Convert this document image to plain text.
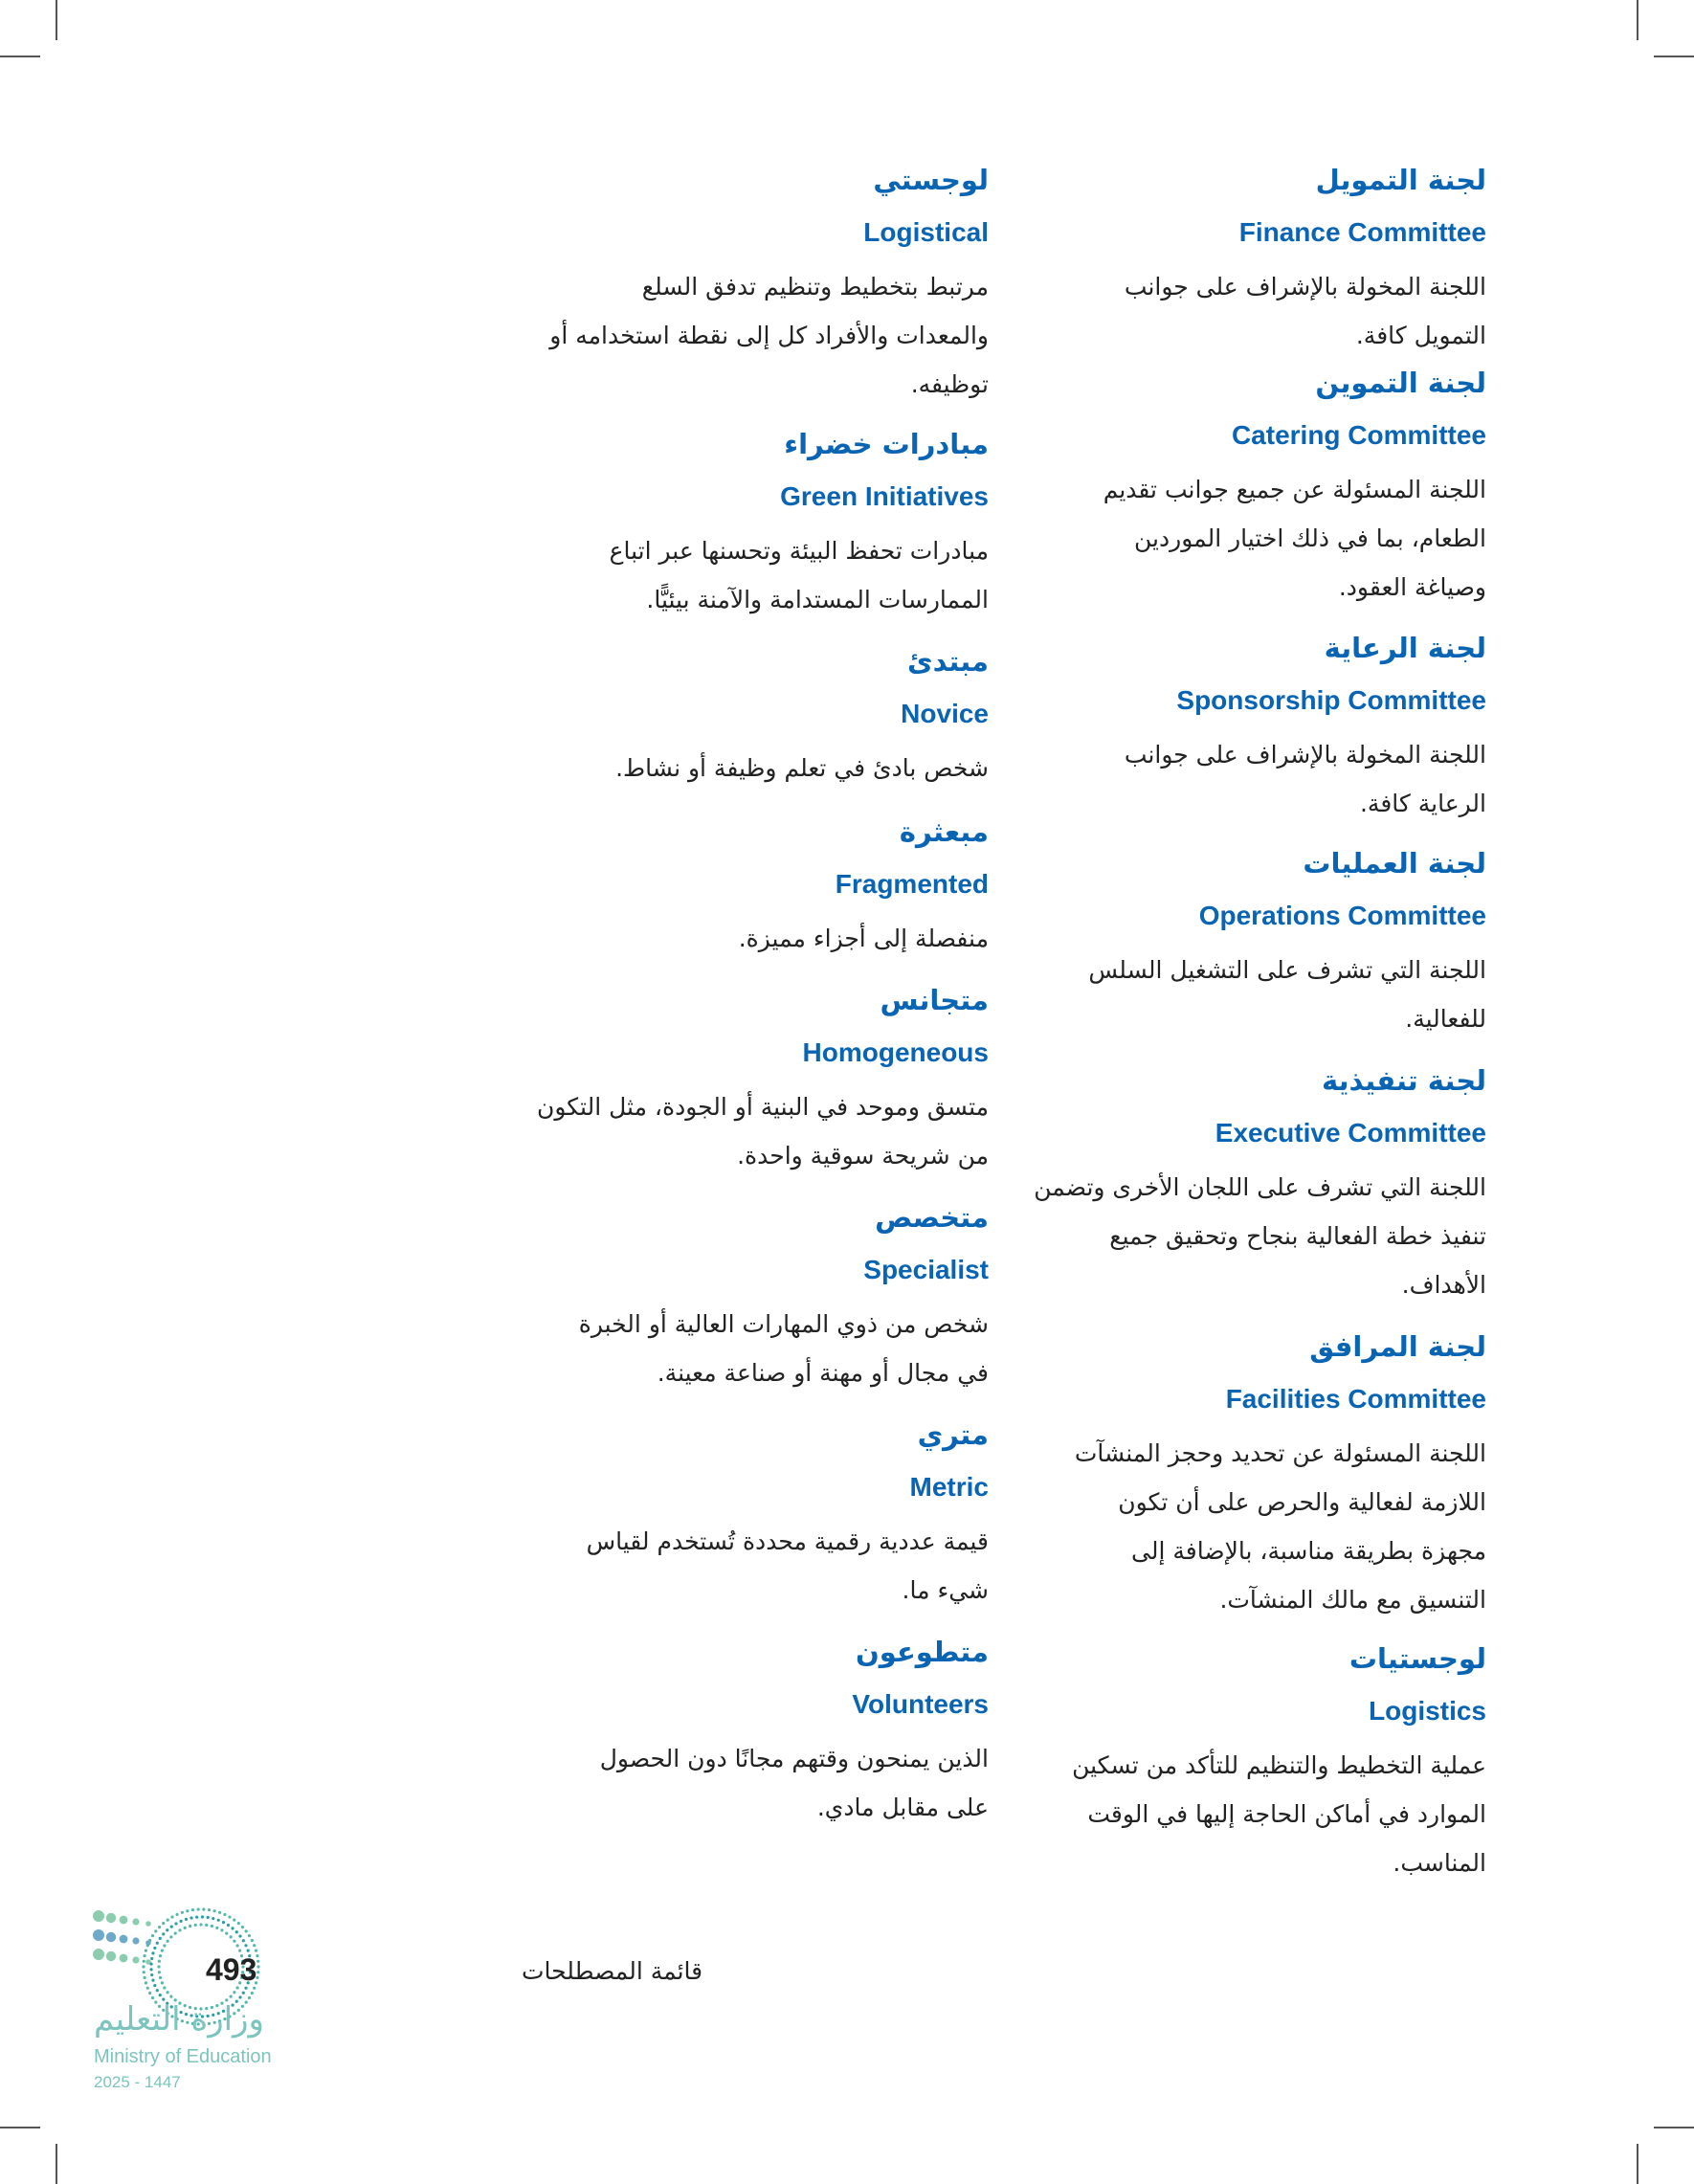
لجنة التمويل
Finance Committee
اللجنة المخولة بالإشراف على جوانب
التمويل كافة.
لجنة التموين
Catering Committee
اللجنة المسئولة عن جميع جوانب تقديم
الطعام، بما في ذلك اختيار الموردين
وصياغة العقود.
لجنة الرعاية
Sponsorship Committee
اللجنة المخولة بالإشراف على جوانب
الرعاية كافة.
لجنة العمليات
Operations Committee
اللجنة التي تشرف على التشغيل السلس
للفعالية.
لجنة تنفيذية
Executive Committee
اللجنة التي تشرف على اللجان الأخرى وتضمن
تنفيذ خطة الفعالية بنجاح وتحقيق جميع
الأهداف.
لجنة المرافق
Facilities Committee
اللجنة المسئولة عن تحديد وحجز المنشآت
اللازمة لفعالية والحرص على أن تكون
مجهزة بطريقة مناسبة، بالإضافة إلى
التنسيق مع مالك المنشآت.
لوجستيات
Logistics
عملية التخطيط والتنظيم للتأكد من تسكين
الموارد في أماكن الحاجة إليها في الوقت
المناسب.
لوجستي
Logistical
مرتبط بتخطيط وتنظيم تدفق السلع
والمعدات والأفراد كل إلى نقطة استخدامه أو
توظيفه.
مبادرات خضراء
Green Initiatives
مبادرات تحفظ البيئة وتحسنها عبر اتباع
الممارسات المستدامة والآمنة بيئيًّا.
مبتدئ
Novice
شخص بادئ في تعلم وظيفة أو نشاط.
مبعثرة
Fragmented
منفصلة إلى أجزاء مميزة.
متجانس
Homogeneous
متسق وموحد في البنية أو الجودة، مثل التكون
من شريحة سوقية واحدة.
متخصص
Specialist
شخص من ذوي المهارات العالية أو الخبرة
في مجال أو مهنة أو صناعة معينة.
متري
Metric
قيمة عددية رقمية محددة تُستخدم لقياس
شيء ما.
متطوعون
Volunteers
الذين يمنحون وقتهم مجانًا دون الحصول
على مقابل مادي.
قائمة المصطلحات
493
وزارة التعليم
Ministry of Education
2025 - 1447
